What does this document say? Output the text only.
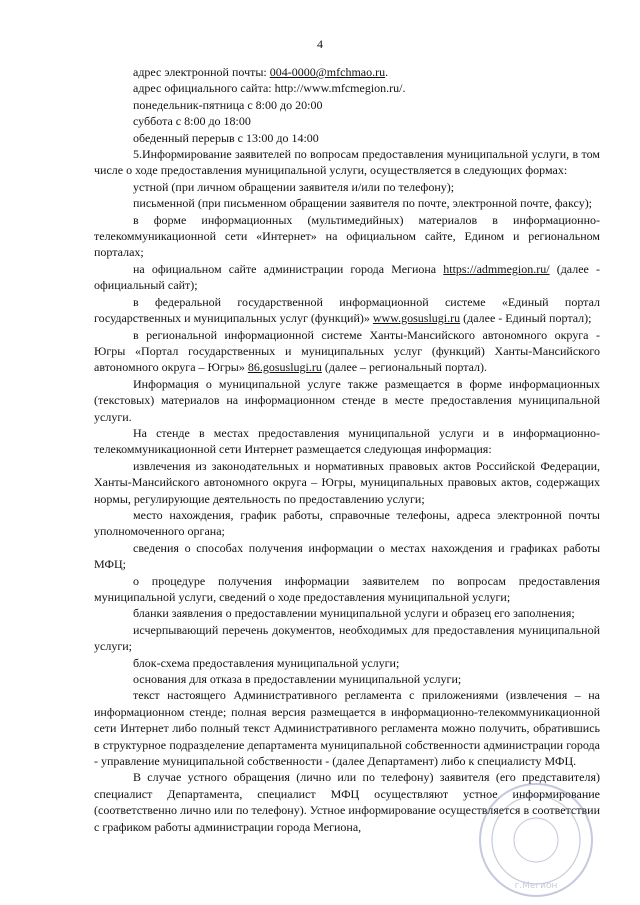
4

адрес электронной почты: 004-0000@mfchmao.ru.

адрес официального сайта: http://www.mfcmegion.ru/.

понедельник-пятница с 8:00 до 20:00

суббота с 8:00 до 18:00

обеденный перерыв с 13:00 до 14:00

5.Информирование заявителей по вопросам предоставления муниципальной услуги, в том числе о ходе предоставления муниципальной услуги, осуществляется в следующих формах:

устной (при личном обращении заявителя и/или по телефону);

письменной (при письменном обращении заявителя по почте, электронной почте, факсу);

в форме информационных (мультимедийных) материалов в информационно-телекоммуникационной сети «Интернет» на официальном сайте, Едином и региональном порталах;

на официальном сайте администрации города Мегиона https://admmegion.ru/ (далее - официальный сайт);

в федеральной государственной информационной системе «Единый портал государственных и муниципальных услуг (функций)» www.gosuslugi.ru (далее - Единый портал);

в региональной информационной системе Ханты-Мансийского автономного округа - Югры «Портал государственных и муниципальных услуг (функций) Ханты-Мансийского автономного округа – Югры» 86.gosuslugi.ru (далее – региональный портал).

Информация о муниципальной услуге также размещается в форме информационных (текстовых) материалов на информационном стенде в месте предоставления муниципальной услуги.

На стенде в местах предоставления муниципальной услуги и в информационно-телекоммуникационной сети Интернет размещается следующая информация:

извлечения из законодательных и нормативных правовых актов Российской Федерации, Ханты-Мансийского автономного округа – Югры, муниципальных правовых актов, содержащих нормы, регулирующие деятельность по предоставлению услуги;

место нахождения, график работы, справочные телефоны, адреса электронной почты уполномоченного органа;

сведения о способах получения информации о местах нахождения и графиках работы МФЦ;

о процедуре получения информации заявителем по вопросам предоставления муниципальной услуги, сведений о ходе предоставления муниципальной услуги;

бланки заявления о предоставлении муниципальной услуги и образец его заполнения;

исчерпывающий перечень документов, необходимых для предоставления муниципальной услуги;

блок-схема предоставления муниципальной услуги;

основания для отказа в предоставлении муниципальной услуги;

текст настоящего Административного регламента с приложениями (извлечения – на информационном стенде; полная версия размещается в информационно-телекоммуникационной сети Интернет либо полный текст Административного регламента можно получить, обратившись в структурное подразделение департамента муниципальной собственности администрации города - управление муниципальной собственности - (далее Департамент) либо к специалисту МФЦ.

В случае устного обращения (лично или по телефону) заявителя (его представителя) специалист Департамента, специалист МФЦ осуществляют устное информирование (соответственно лично или по телефону). Устное информирование осуществляется в соответствии с графиком работы администрации города Мегиона,

г.Мегион
